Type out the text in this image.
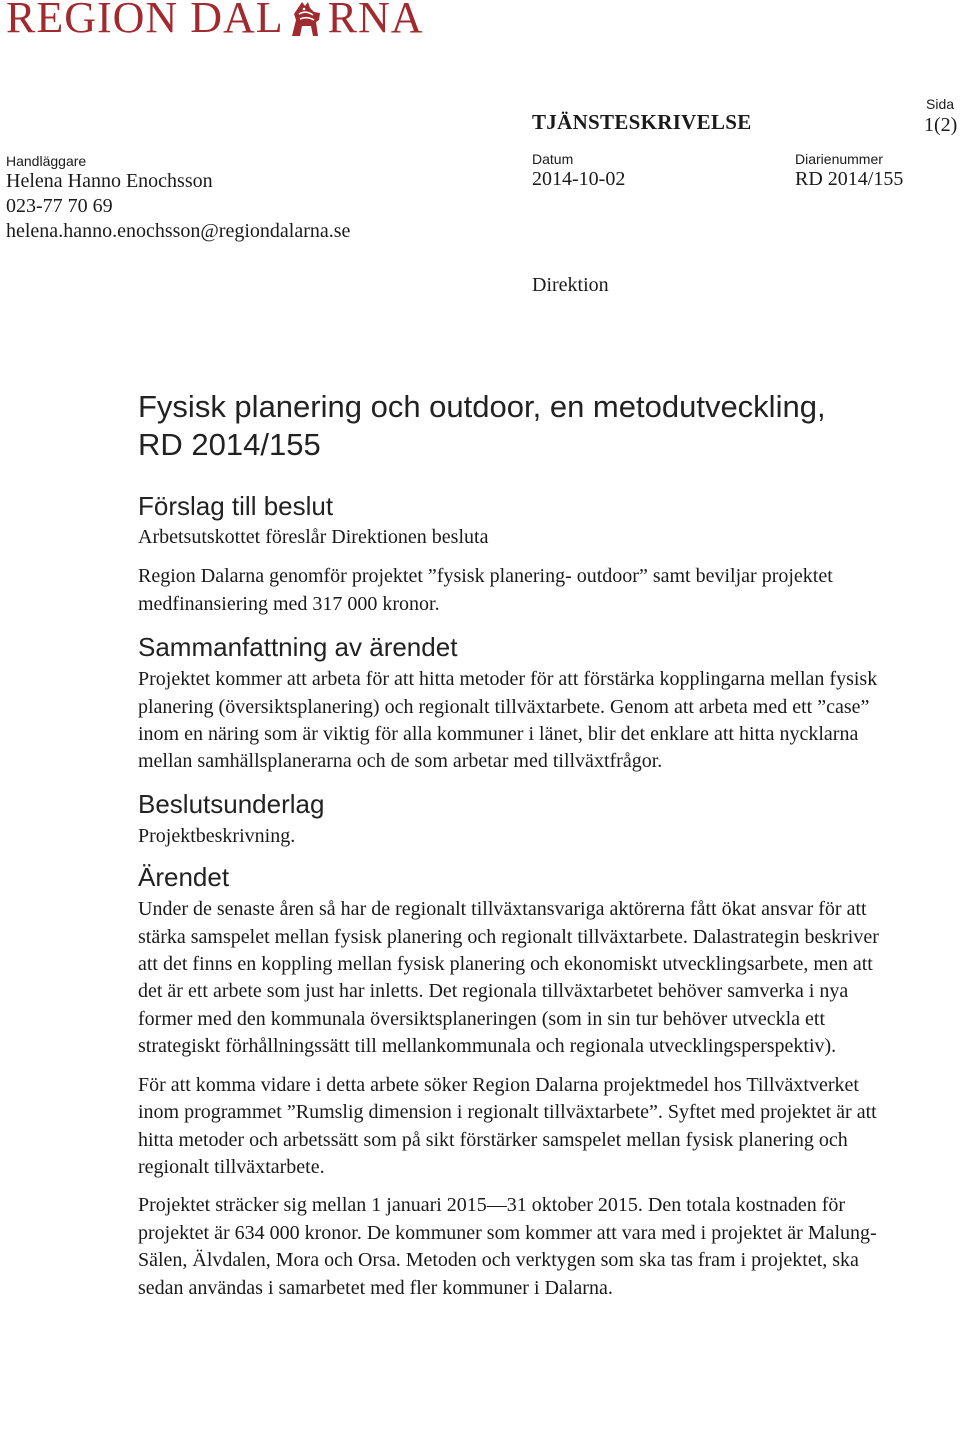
REGION DAL RNA
Sida
1(2)
TJÄNSTESKRIVELSE
Handläggare
Helena Hanno Enochsson
023-77 70 69
helena.hanno.enochsson@regiondalarna.se
Datum
2014-10-02
Diarienummer
RD 2014/155
Direktion
Fysisk planering och outdoor, en metodutveckling,
RD 2014/155
Förslag till beslut

Arbetsutskottet föreslår Direktionen besluta

Region Dalarna genomför projektet ”fysisk planering- outdoor” samt beviljar projektet medfinansiering med 317 000 kronor.

Sammanfattning av ärendet

Projektet kommer att arbeta för att hitta metoder för att förstärka kopplingarna mellan fysisk planering (översiktsplanering) och regionalt tillväxtarbete. Genom att arbeta med ett ”case” inom en näring som är viktig för alla kommuner i länet, blir det enklare att hitta nycklarna mellan samhällsplanerarna och de som arbetar med tillväxtfrågor.

Beslutsunderlag

Projektbeskrivning.

Ärendet

Under de senaste åren så har de regionalt tillväxtansvariga aktörerna fått ökat ansvar för att stärka samspelet mellan fysisk planering och regionalt tillväxtarbete. Dalastrategin beskriver att det finns en koppling mellan fysisk planering och ekonomiskt utvecklingsarbete, men att det är ett arbete som just har inletts. Det regionala tillväxtarbetet behöver samverka i nya former med den kommunala översiktsplaneringen (som in sin tur behöver utveckla ett strategiskt förhållningssätt till mellankommunala och regionala utvecklingsperspektiv).

För att komma vidare i detta arbete söker Region Dalarna projektmedel hos Tillväxtverket inom programmet ”Rumslig dimension i regionalt tillväxtarbete”. Syftet med projektet är att hitta metoder och arbetssätt som på sikt förstärker samspelet mellan fysisk planering och regionalt tillväxtarbete.

Projektet sträcker sig mellan 1 januari 2015—31 oktober 2015. Den totala kostnaden för projektet är 634 000 kronor. De kommuner som kommer att vara med i projektet är Malung-Sälen, Älvdalen, Mora och Orsa. Metoden och verktygen som ska tas fram i projektet, ska sedan användas i samarbetet med fler kommuner i Dalarna.
